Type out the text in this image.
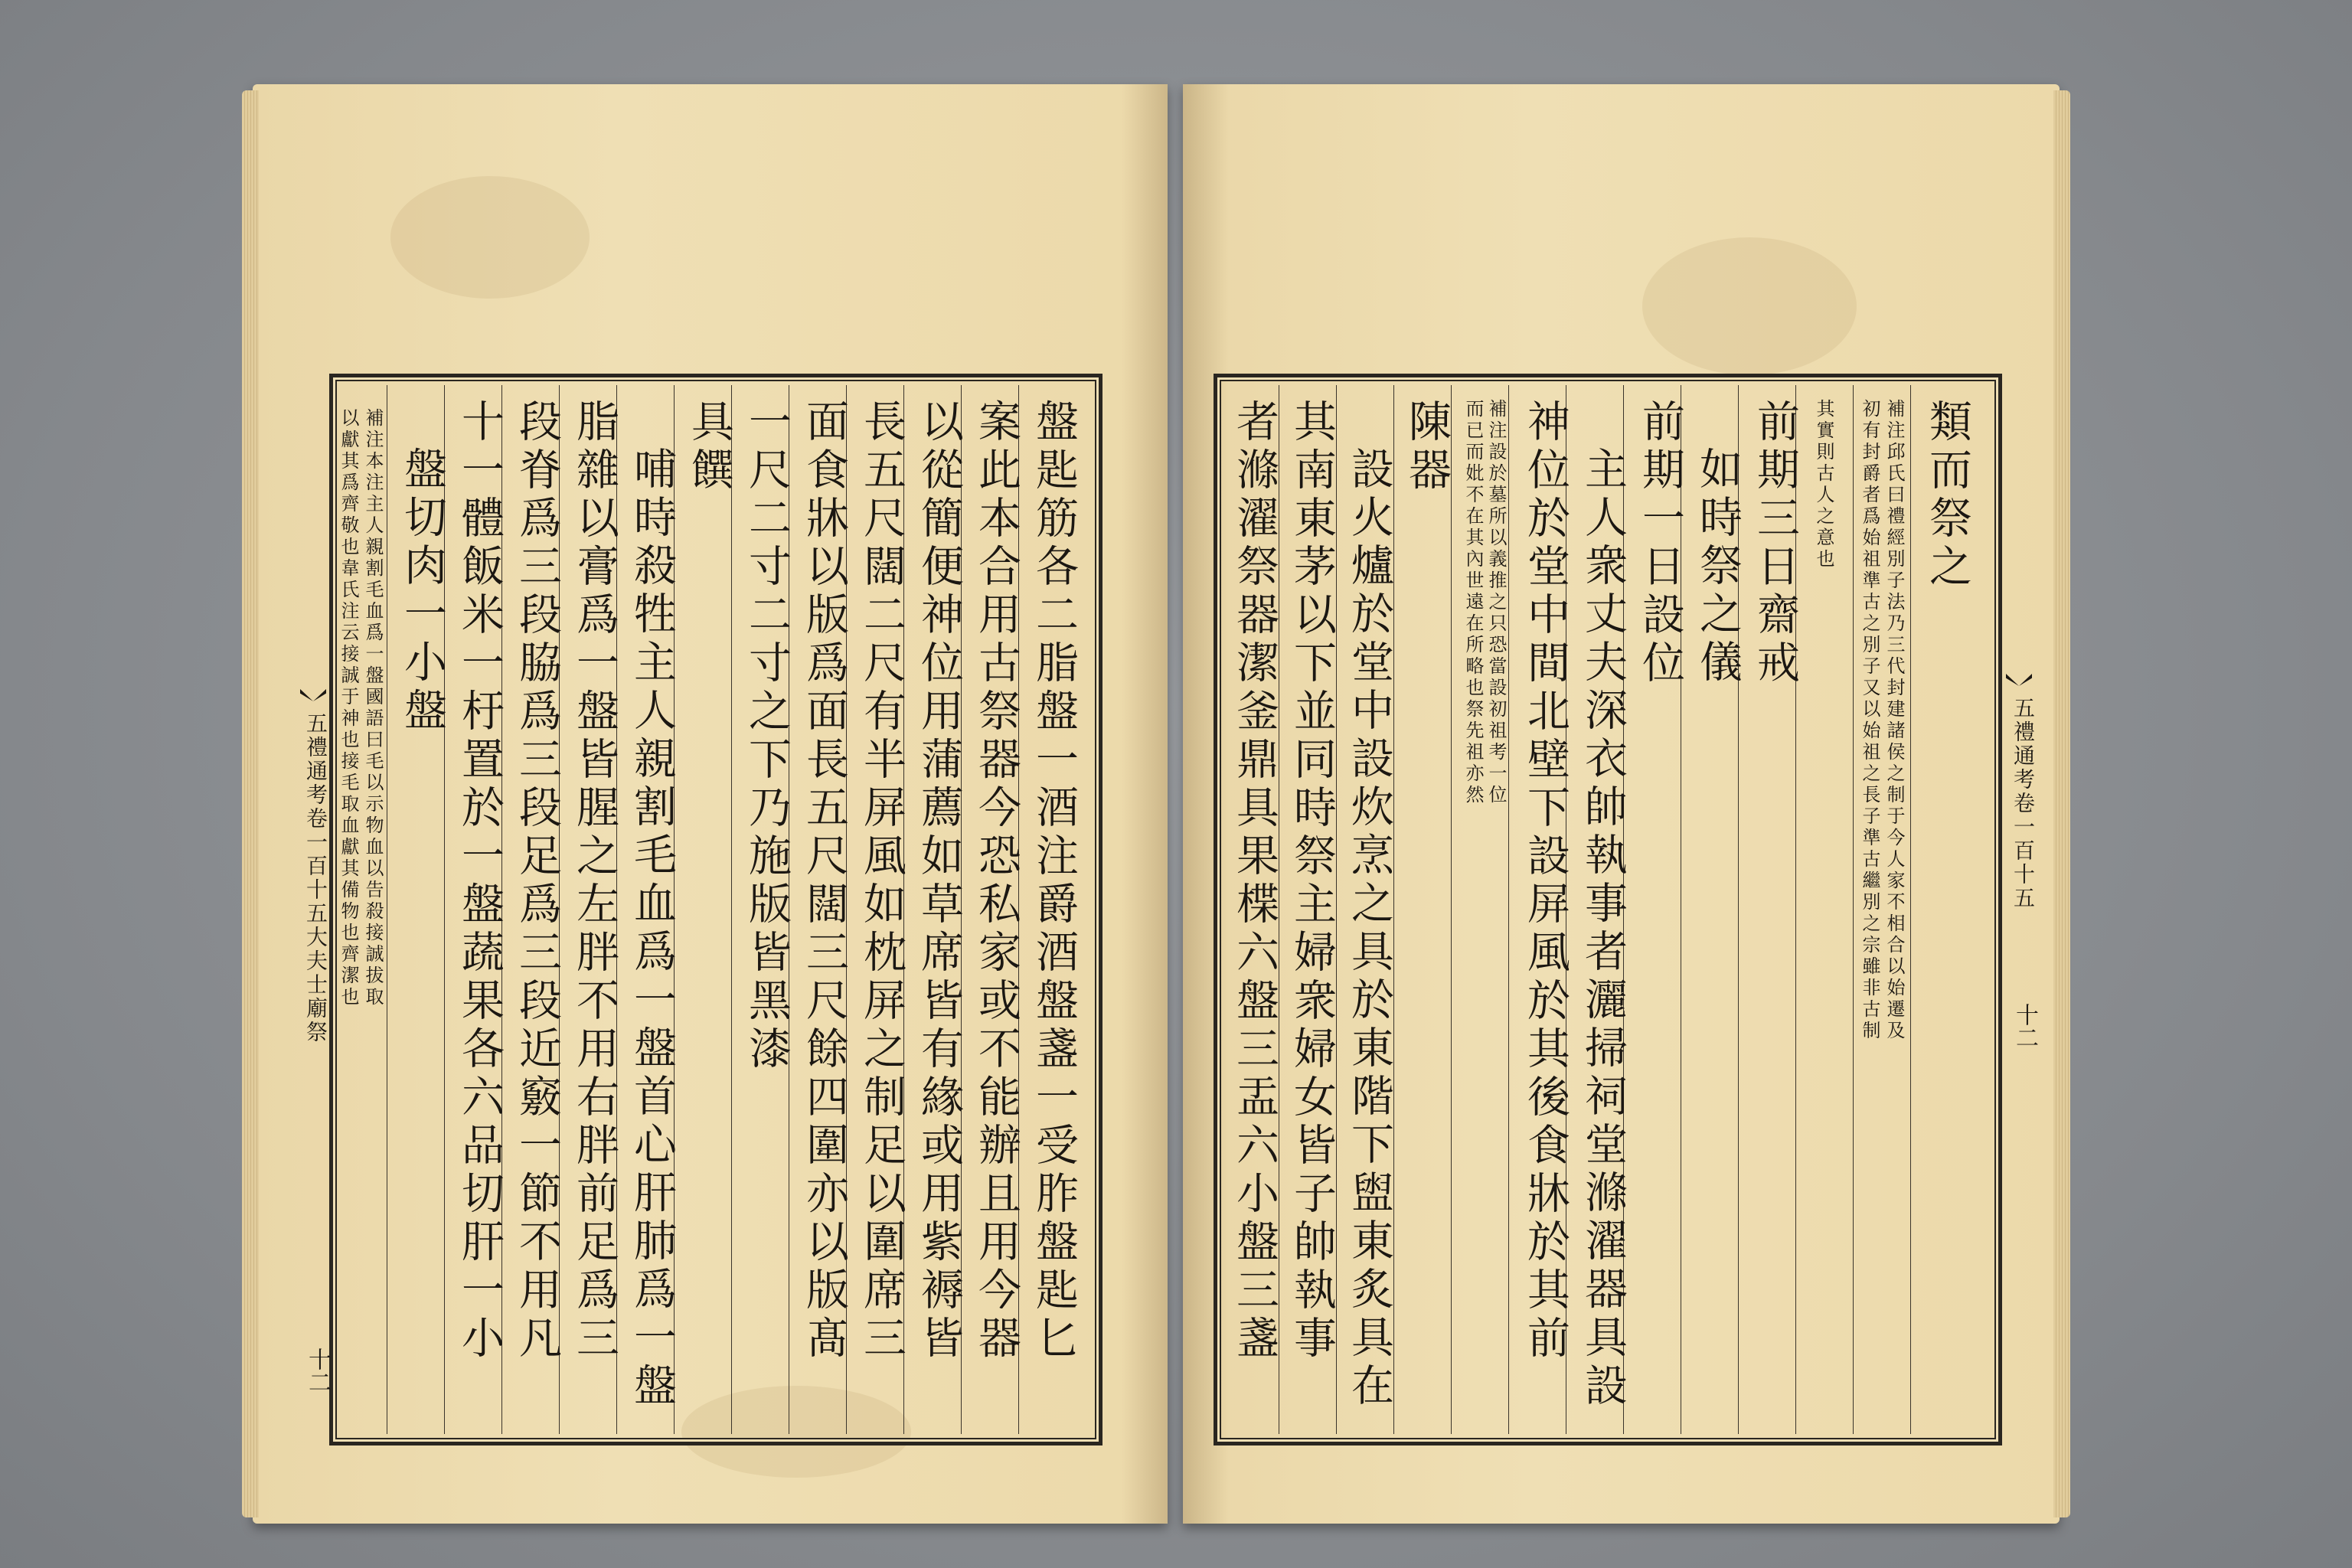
盤匙筋各二脂盤一酒注爵酒盤盞一受胙盤匙匕
案此本合用古祭器今恐私家或不能辦且用今器
以從簡便神位用蒲薦如草席皆有緣或用紫褥皆
長五尺闊二尺有半屏風如枕屏之制足以圍席三
面食牀以版爲面長五尺闊三尺餘四圍亦以版髙
一尺二寸二寸之下乃施版皆黑漆
具饌
哺時殺牲主人親割毛血爲一盤首心肝肺爲一盤
脂雜以膏爲一盤皆腥之左胖不用右胖前足爲三
段脊爲三段脇爲三段足爲三段近竅一節不用凡
十一體飯米一杅置於一盤蔬果各六品切肝一小
盤切肉一小盤
補注本注主人親割毛血爲一盤國語曰毛以示物血以告殺接誠拔取
以獻其爲齊敬也韋氏注云接誠于神也接毛取血獻其備物也齊潔也
五禮通考卷一百十五大夫士廟祭
十二
類而祭之
補注邱氏曰禮經別子法乃三代封建諸侯之制于今人家不相合以始遷及
初有封爵者爲始祖準古之別子又以始祖之長子準古繼別之宗雖非古制
其實則古人之意也
前期三日齋戒
如時祭之儀
前期一日設位
主人衆丈夫深衣帥執事者灑掃祠堂滌濯器具設
神位於堂中間北壁下設屏風於其後食牀於其前
補注設於墓所以義推之只恐當設初祖考一位
而已而妣不在其內世遠在所略也祭先祖亦然
陳器
設火爐於堂中設炊烹之具於東階下盥東炙具在
其南東茅以下並同時祭主婦衆婦女皆子帥執事
者滌濯祭器潔釜鼎具果楪六盤三盂六小盤三盞	五禮通考卷一百十五
十二
